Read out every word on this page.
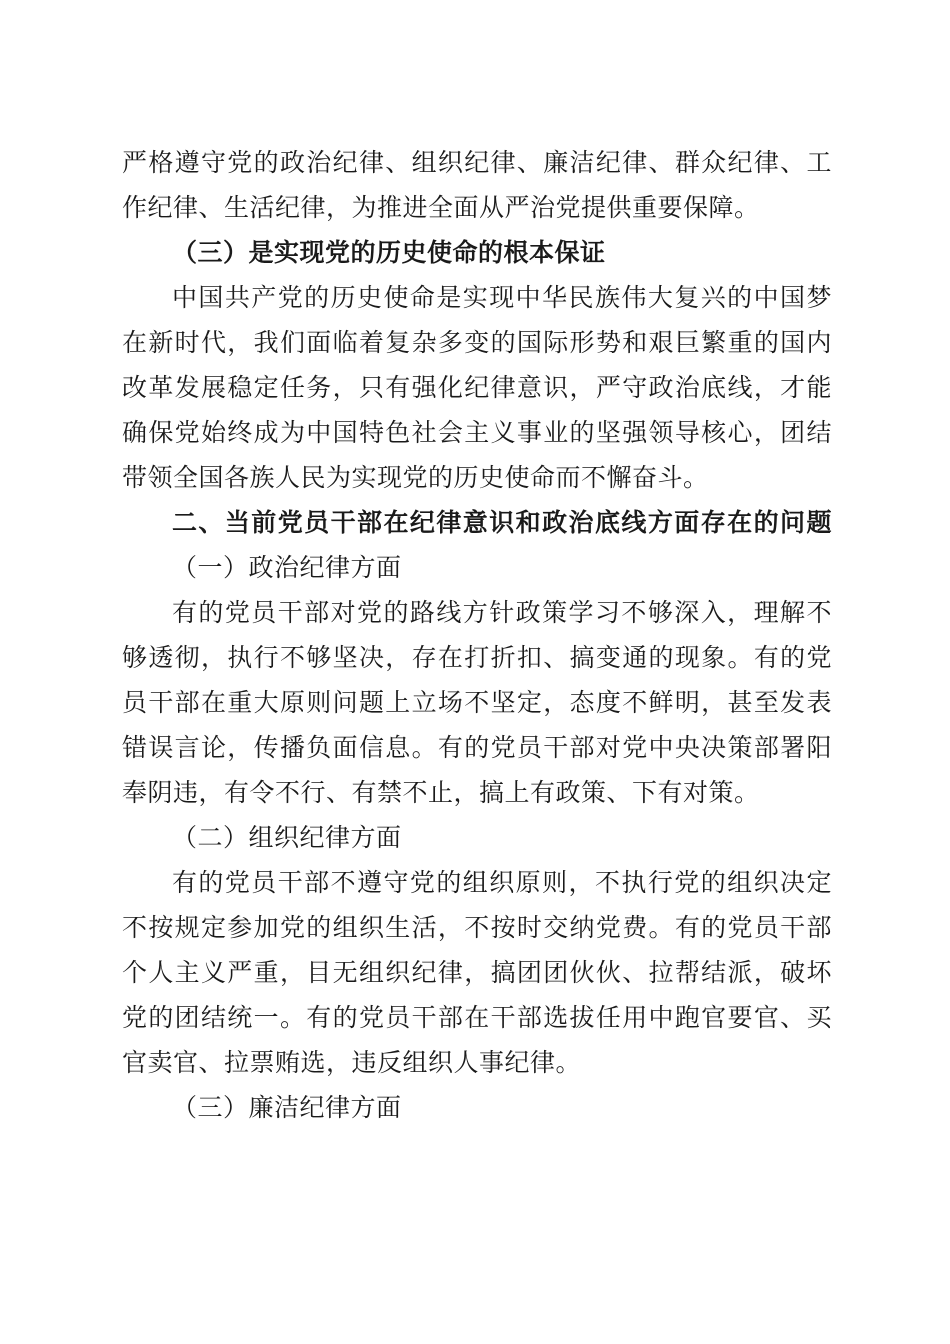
严格遵守党的政治纪律、组织纪律、廉洁纪律、群众纪律、工
作纪律、生活纪律，为推进全面从严治党提供重要保障。
（三）是实现党的历史使命的根本保证
中国共产党的历史使命是实现中华民族伟大复兴的中国梦
在新时代，我们面临着复杂多变的国际形势和艰巨繁重的国内
改革发展稳定任务，只有强化纪律意识，严守政治底线，才能
确保党始终成为中国特色社会主义事业的坚强领导核心，团结
带领全国各族人民为实现党的历史使命而不懈奋斗。
二、当前党员干部在纪律意识和政治底线方面存在的问题
（一）政治纪律方面
有的党员干部对党的路线方针政策学习不够深入，理解不
够透彻，执行不够坚决，存在打折扣、搞变通的现象。有的党
员干部在重大原则问题上立场不坚定，态度不鲜明，甚至发表
错误言论，传播负面信息。有的党员干部对党中央决策部署阳
奉阴违，有令不行、有禁不止，搞上有政策、下有对策。
（二）组织纪律方面
有的党员干部不遵守党的组织原则，不执行党的组织决定
不按规定参加党的组织生活，不按时交纳党费。有的党员干部
个人主义严重，目无组织纪律，搞团团伙伙、拉帮结派，破坏
党的团结统一。有的党员干部在干部选拔任用中跑官要官、买
官卖官、拉票贿选，违反组织人事纪律。
（三）廉洁纪律方面
